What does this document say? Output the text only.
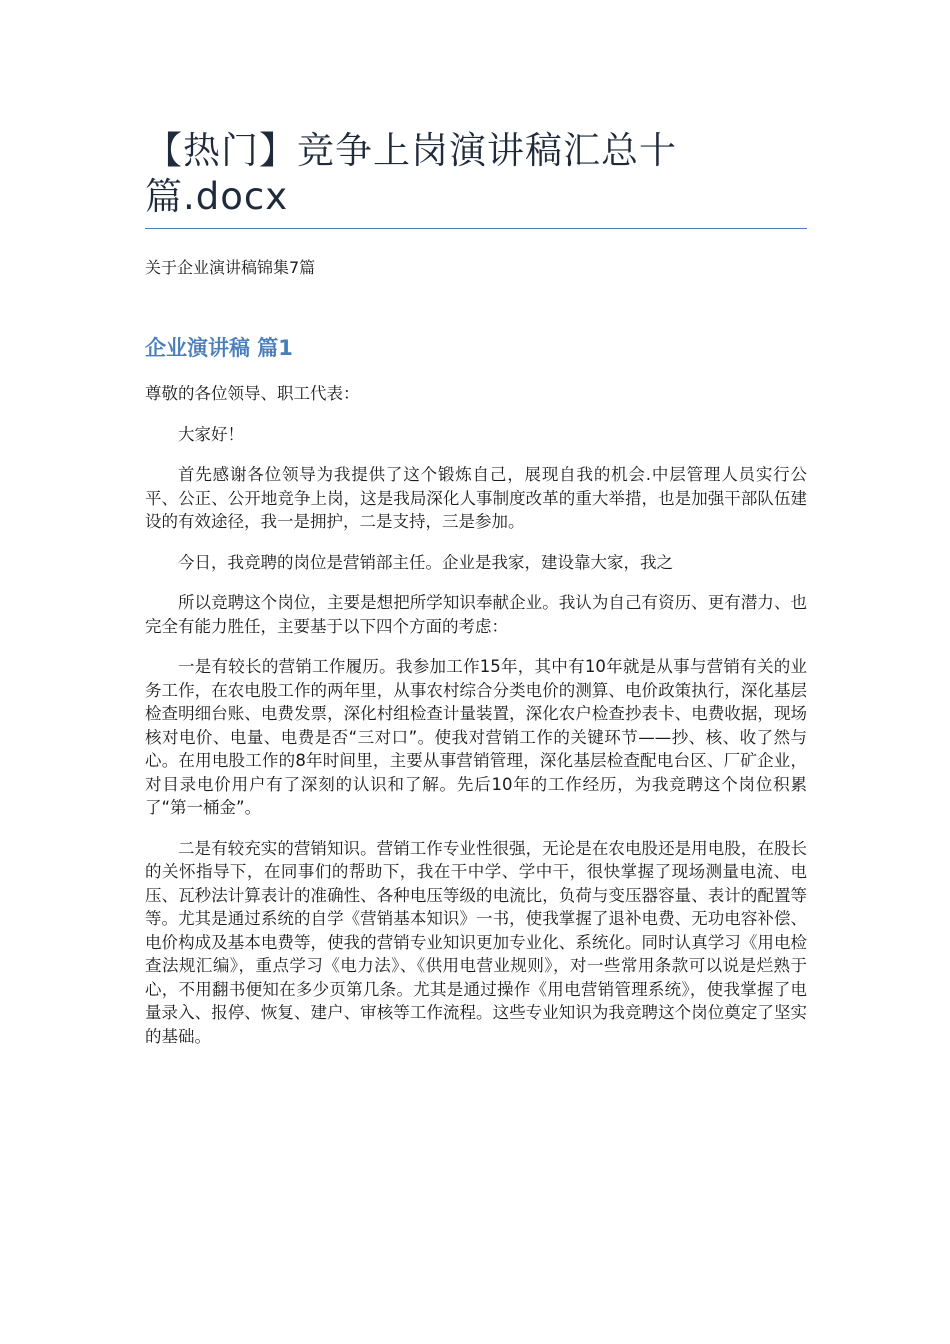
【热门】竞争上岗演讲稿汇总十篇.docx
关于企业演讲稿锦集7篇
企业演讲稿 篇1

尊敬的各位领导、职工代表：

大家好！

首先感谢各位领导为我提供了这个锻炼自己，展现自我的机会.中层管理人员实行公平、公正、公开地竞争上岗，这是我局深化人事制度改革的重大举措，也是加强干部队伍建设的有效途径，我一是拥护，二是支持，三是参加。

今日，我竞聘的岗位是营销部主任。企业是我家，建设靠大家，我之

所以竞聘这个岗位，主要是想把所学知识奉献企业。我认为自己有资历、更有潜力、也完全有能力胜任，主要基于以下四个方面的考虑：

一是有较长的营销工作履历。我参加工作15年，其中有10年就是从事与营销有关的业务工作，在农电股工作的两年里，从事农村综合分类电价的测算、电价政策执行，深化基层检查明细台账、电费发票，深化村组检查计量装置，深化农户检查抄表卡、电费收据，现场核对电价、电量、电费是否“三对口”。使我对营销工作的关键环节——抄、核、收了然与心。在用电股工作的8年时间里，主要从事营销管理，深化基层检查配电台区、厂矿企业，对目录电价用户有了深刻的认识和了解。先后10年的工作经历，为我竞聘这个岗位积累了“第一桶金”。

二是有较充实的营销知识。营销工作专业性很强，无论是在农电股还是用电股，在股长的关怀指导下，在同事们的帮助下，我在干中学、学中干，很快掌握了现场测量电流、电压、瓦秒法计算表计的准确性、各种电压等级的电流比，负荷与变压器容量、表计的配置等等。尤其是通过系统的自学《营销基本知识》一书，使我掌握了退补电费、无功电容补偿、电价构成及基本电费等，使我的营销专业知识更加专业化、系统化。同时认真学习《用电检查法规汇编》，重点学习《电力法》、《供用电营业规则》，对一些常用条款可以说是烂熟于心，不用翻书便知在多少页第几条。尤其是通过操作《用电营销管理系统》，使我掌握了电量录入、报停、恢复、建户、审核等工作流程。这些专业知识为我竞聘这个岗位奠定了坚实的基础。
